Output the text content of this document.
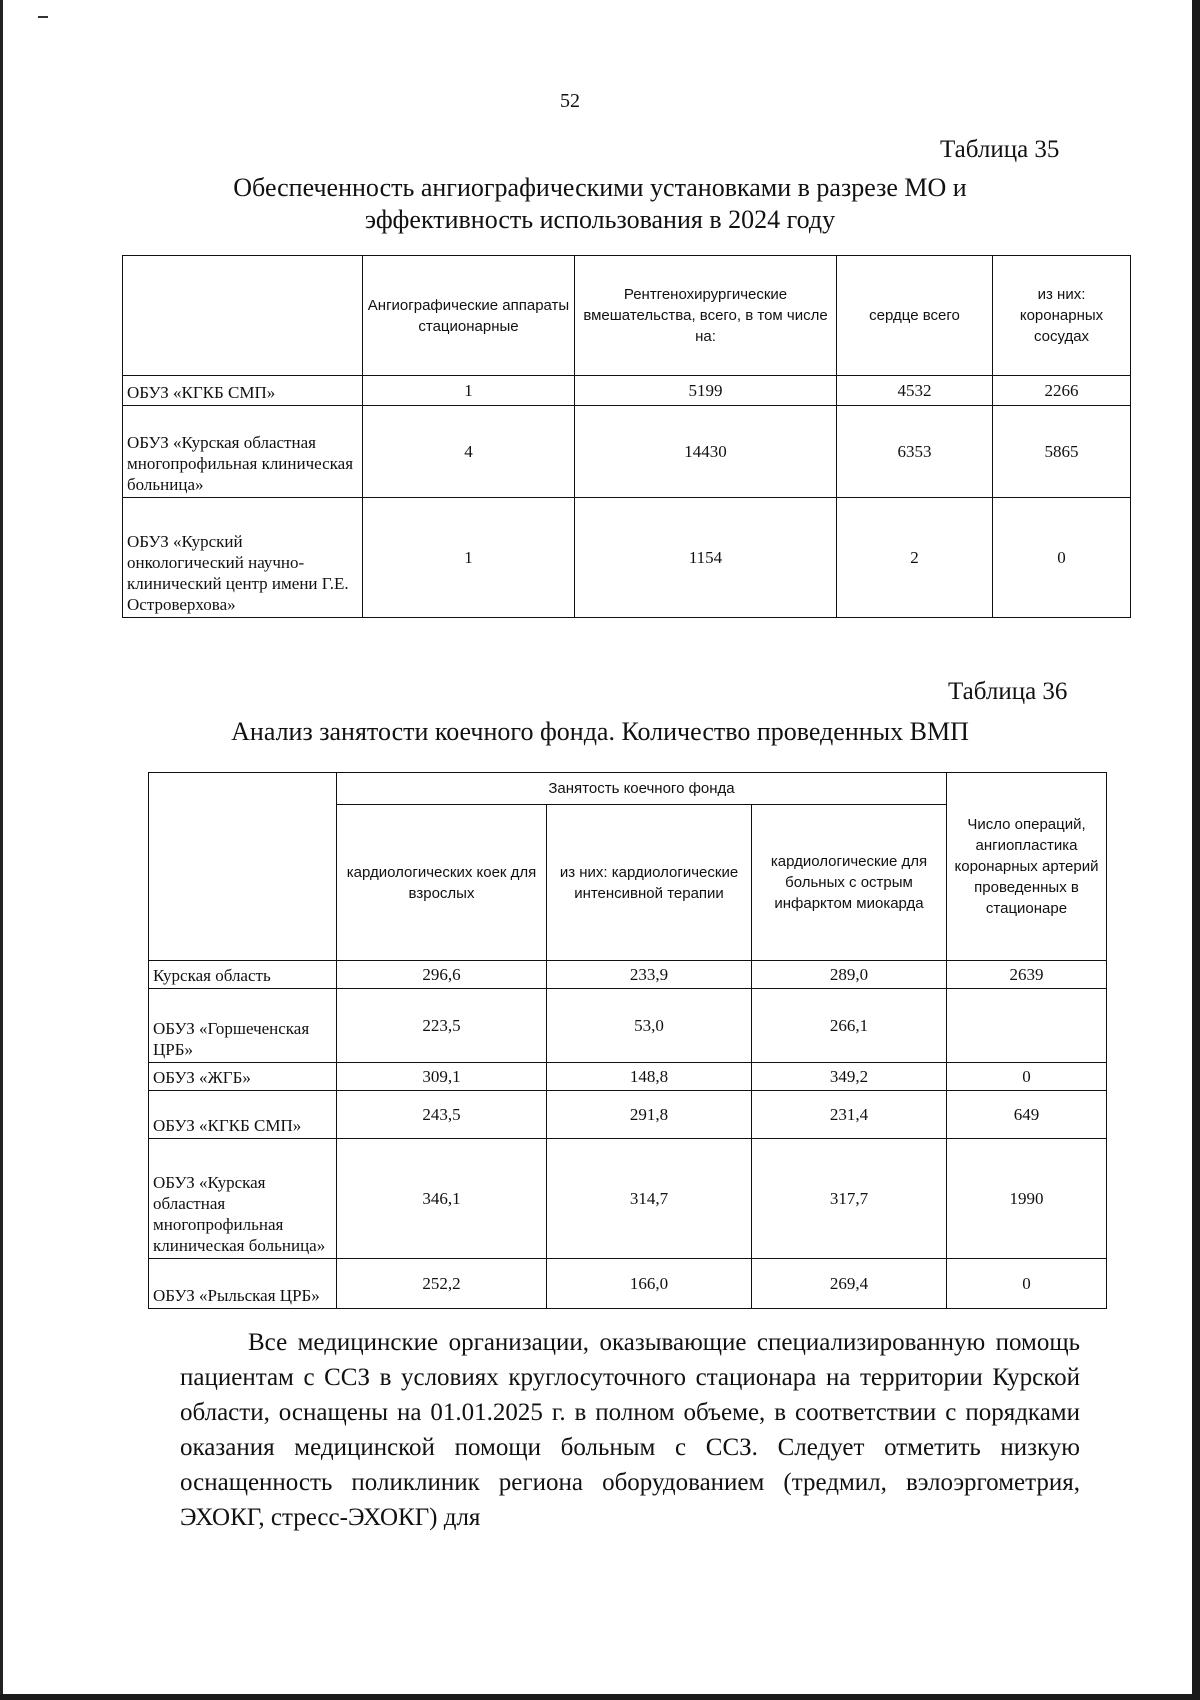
52
Таблица 35
Обеспеченность ангиографическими установками в разрезе МО и
эффективность использования в 2024 году
	Ангиографические аппараты стационарные	Рентгенохирургические вмешательства, всего, в том числе на:	сердце всего	из них: коронарных сосудах
ОБУЗ «КГКБ СМП»	1	5199	4532	2266
ОБУЗ «Курская областная многопрофильная клиническая больница»	4	14430	6353	5865
ОБУЗ «Курский онкологический научно-клинический центр имени Г.Е. Островерхова»	1	1154	2	0
Таблица 36
Анализ занятости коечного фонда. Количество проведенных ВМП
	Занятость коечного фонда			Число операций, ангиопластика коронарных артерий проведенных в стационаре
	кардиологических коек для взрослых	из них: кардиологические интенсивной терапии	кардиологические для больных с острым инфарктом миокарда	
Курская область	296,6	233,9	289,0	2639
ОБУЗ «Горшеченская ЦРБ»	223,5	53,0	266,1	
ОБУЗ «ЖГБ»	309,1	148,8	349,2	0
ОБУЗ «КГКБ СМП»	243,5	291,8	231,4	649
ОБУЗ «Курская областная многопрофильная клиническая больница»	346,1	314,7	317,7	1990
ОБУЗ «Рыльская ЦРБ»	252,2	166,0	269,4	0
Все медицинские организации, оказывающие специализированную помощь пациентам с ССЗ в условиях круглосуточного стационара на территории Курской области, оснащены на 01.01.2025 г. в полном объеме, в соответствии с порядками оказания медицинской помощи больным с ССЗ. Следует отметить низкую оснащенность поликлиник региона оборудованием (тредмил, вэлоэргометрия, ЭХОКГ, стресс-ЭХОКГ) для
